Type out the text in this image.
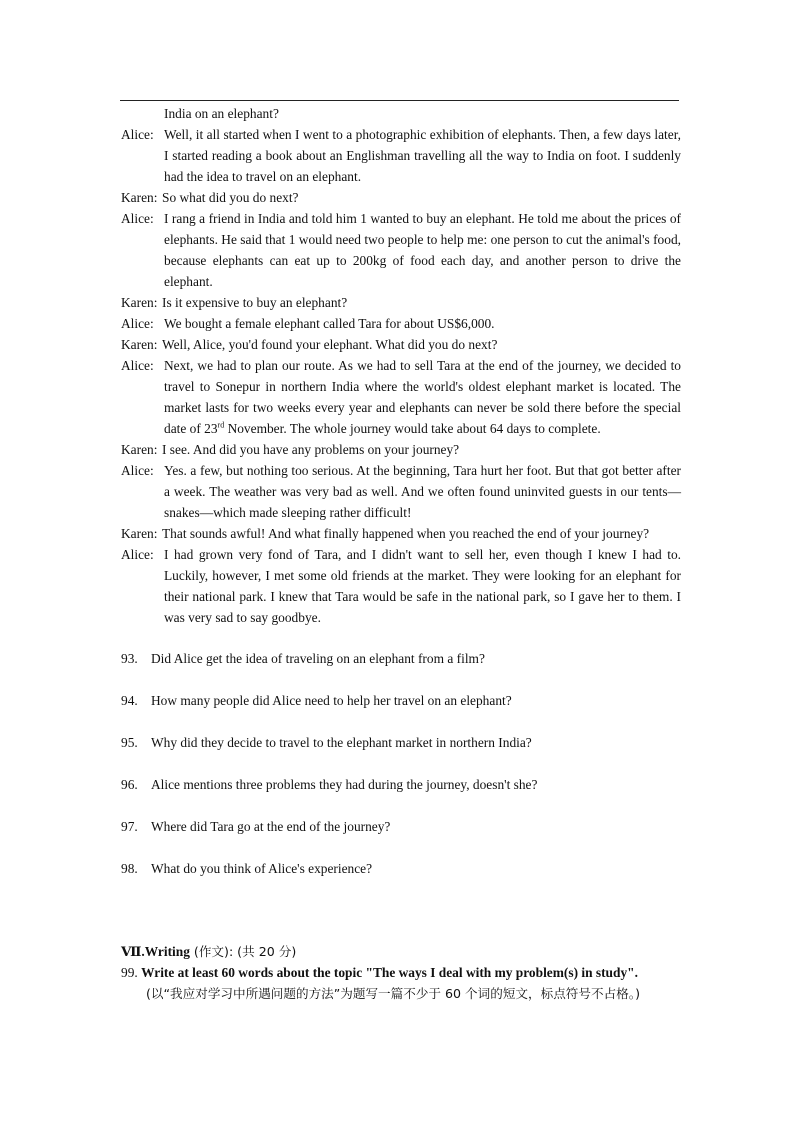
India on an elephant?
Alice: Well, it all started when I went to a photographic exhibition of elephants. Then, a few days later, I started reading a book about an Englishman travelling all the way to India on foot. I suddenly had the idea to travel on an elephant.
Karen: So what did you do next?
Alice: I rang a friend in India and told him 1 wanted to buy an elephant. He told me about the prices of elephants. He said that 1 would need two people to help me: one person to cut the animal's food, because elephants can eat up to 200kg of food each day, and another person to drive the elephant.
Karen: Is it expensive to buy an elephant?
Alice: We bought a female elephant called Tara for about US$6,000.
Karen: Well, Alice, you'd found your elephant. What did you do next?
Alice: Next, we had to plan our route. As we had to sell Tara at the end of the journey, we decided to travel to Sonepur in northern India where the world's oldest elephant market is located. The market lasts for two weeks every year and elephants can never be sold there before the special date of 23rd November. The whole journey would take about 64 days to complete.
Karen: I see. And did you have any problems on your journey?
Alice: Yes. a few, but nothing too serious. At the beginning, Tara hurt her foot. But that got better after a week. The weather was very bad as well. And we often found uninvited guests in our tents—snakes—which made sleeping rather difficult!
Karen: That sounds awful! And what finally happened when you reached the end of your journey?
Alice: I had grown very fond of Tara, and I didn't want to sell her, even though I knew I had to. Luckily, however, I met some old friends at the market. They were looking for an elephant for their national park. I knew that Tara would be safe in the national park, so I gave her to them. I was very sad to say goodbye.
93. Did Alice get the idea of traveling on an elephant from a film?
94. How many people did Alice need to help her travel on an elephant?
95. Why did they decide to travel to the elephant market in northern India?
96. Alice mentions three problems they had during the journey, doesn't she?
97. Where did Tara go at the end of the journey?
98. What do you think of Alice's experience?
Ⅶ.Writing (作文): (共 20 分)
99. Write at least 60 words about the topic "The ways I deal with my problem(s) in study".
(以“我应对学习中所遇问题的方法”为题写一篇不少于 60 个词的短文，标点符号不占格。)
